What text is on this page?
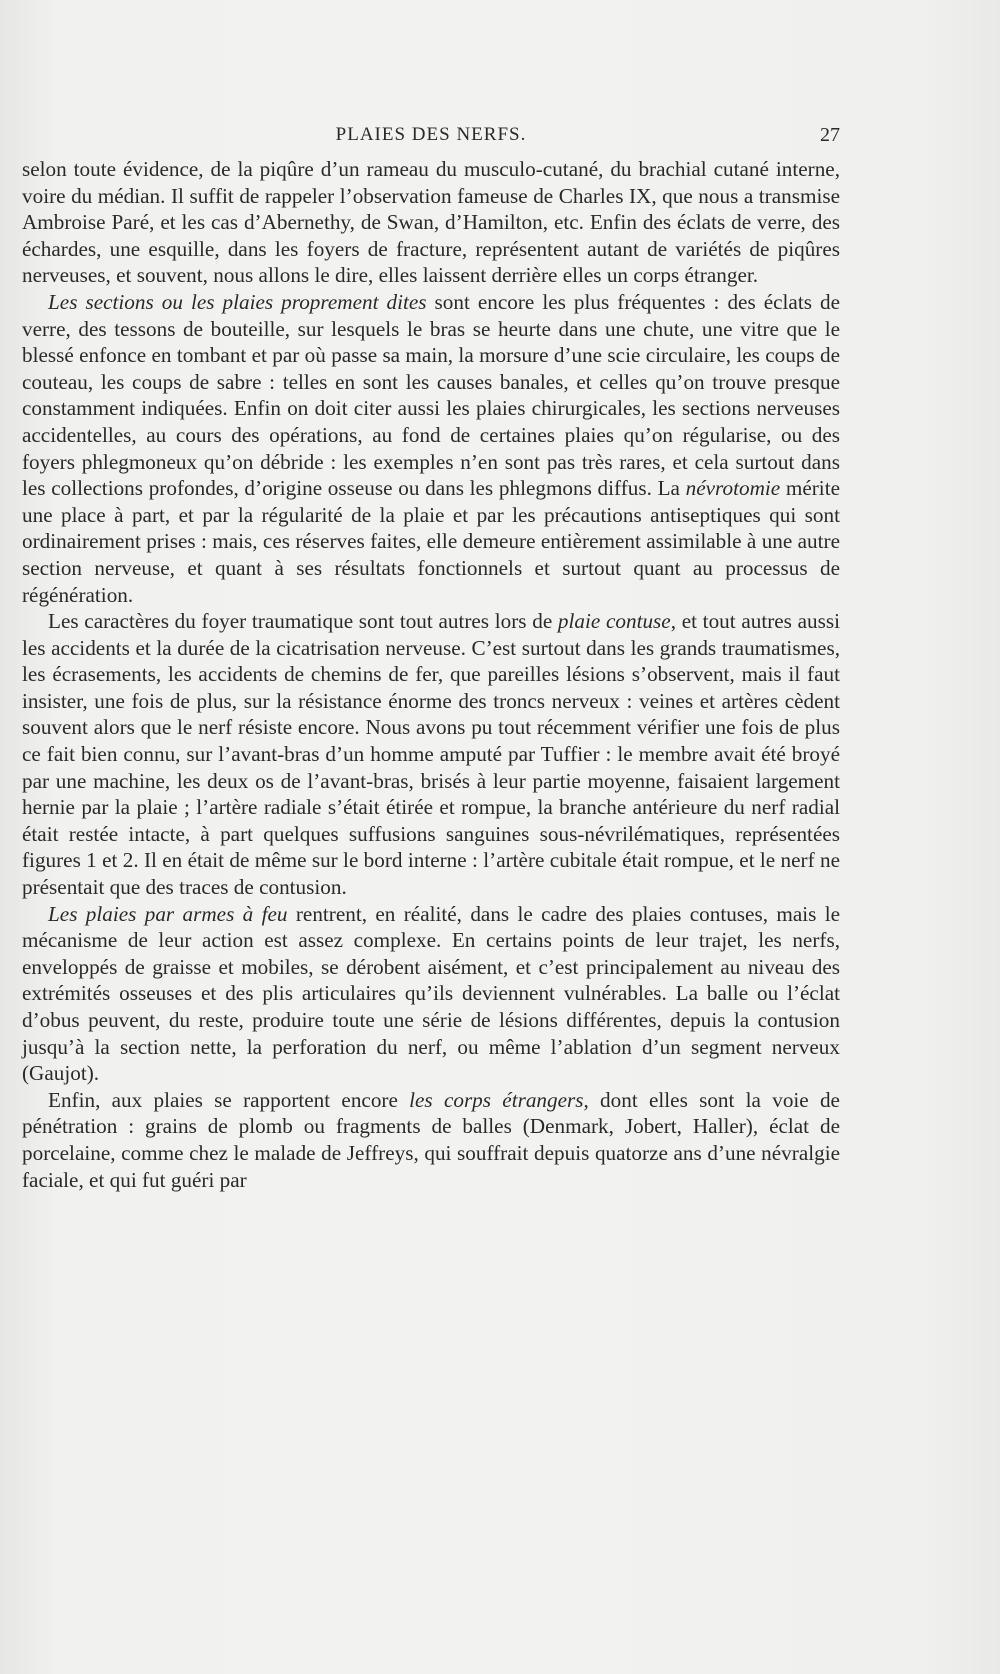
PLAIES DES NERFS.	27

selon toute évidence, de la piqûre d’un rameau du musculo-cutané, du brachial cutané interne, voire du médian. Il suffit de rappeler l’observation fameuse de Charles IX, que nous a transmise Ambroise Paré, et les cas d’Abernethy, de Swan, d’Hamilton, etc. Enfin des éclats de verre, des échardes, une esquille, dans les foyers de fracture, représentent autant de variétés de piqûres nerveuses, et souvent, nous allons le dire, elles laissent derrière elles un corps étranger.

Les sections ou les plaies proprement dites sont encore les plus fréquentes : des éclats de verre, des tessons de bouteille, sur lesquels le bras se heurte dans une chute, une vitre que le blessé enfonce en tombant et par où passe sa main, la morsure d’une scie circulaire, les coups de couteau, les coups de sabre : telles en sont les causes banales, et celles qu’on trouve presque constamment indiquées. Enfin on doit citer aussi les plaies chirurgicales, les sections nerveuses accidentelles, au cours des opérations, au fond de certaines plaies qu’on régularise, ou des foyers phlegmoneux qu’on débride : les exemples n’en sont pas très rares, et cela surtout dans les collections profondes, d’origine osseuse ou dans les phlegmons diffus. La névrotomie mérite une place à part, et par la régularité de la plaie et par les précautions antiseptiques qui sont ordinairement prises : mais, ces réserves faites, elle demeure entièrement assimilable à une autre section nerveuse, et quant à ses résultats fonctionnels et surtout quant au processus de régénération.

Les caractères du foyer traumatique sont tout autres lors de plaie contuse, et tout autres aussi les accidents et la durée de la cicatrisation nerveuse. C’est surtout dans les grands traumatismes, les écrasements, les accidents de chemins de fer, que pareilles lésions s’observent, mais il faut insister, une fois de plus, sur la résistance énorme des troncs nerveux : veines et artères cèdent souvent alors que le nerf résiste encore. Nous avons pu tout récemment vérifier une fois de plus ce fait bien connu, sur l’avant-bras d’un homme amputé par Tuffier : le membre avait été broyé par une machine, les deux os de l’avant-bras, brisés à leur partie moyenne, faisaient largement hernie par la plaie ; l’artère radiale s’était étirée et rompue, la branche antérieure du nerf radial était restée intacte, à part quelques suffusions sanguines sous-névrilématiques, représentées figures 1 et 2. Il en était de même sur le bord interne : l’artère cubitale était rompue, et le nerf ne présentait que des traces de contusion.

Les plaies par armes à feu rentrent, en réalité, dans le cadre des plaies contuses, mais le mécanisme de leur action est assez complexe. En certains points de leur trajet, les nerfs, enveloppés de graisse et mobiles, se dérobent aisément, et c’est principalement au niveau des extrémités osseuses et des plis articulaires qu’ils deviennent vulnérables. La balle ou l’éclat d’obus peuvent, du reste, produire toute une série de lésions différentes, depuis la contusion jusqu’à la section nette, la perforation du nerf, ou même l’ablation d’un segment nerveux (Gaujot).

Enfin, aux plaies se rapportent encore les corps étrangers, dont elles sont la voie de pénétration : grains de plomb ou fragments de balles (Denmark, Jobert, Haller), éclat de porcelaine, comme chez le malade de Jeffreys, qui souffrait depuis quatorze ans d’une névralgie faciale, et qui fut guéri par
